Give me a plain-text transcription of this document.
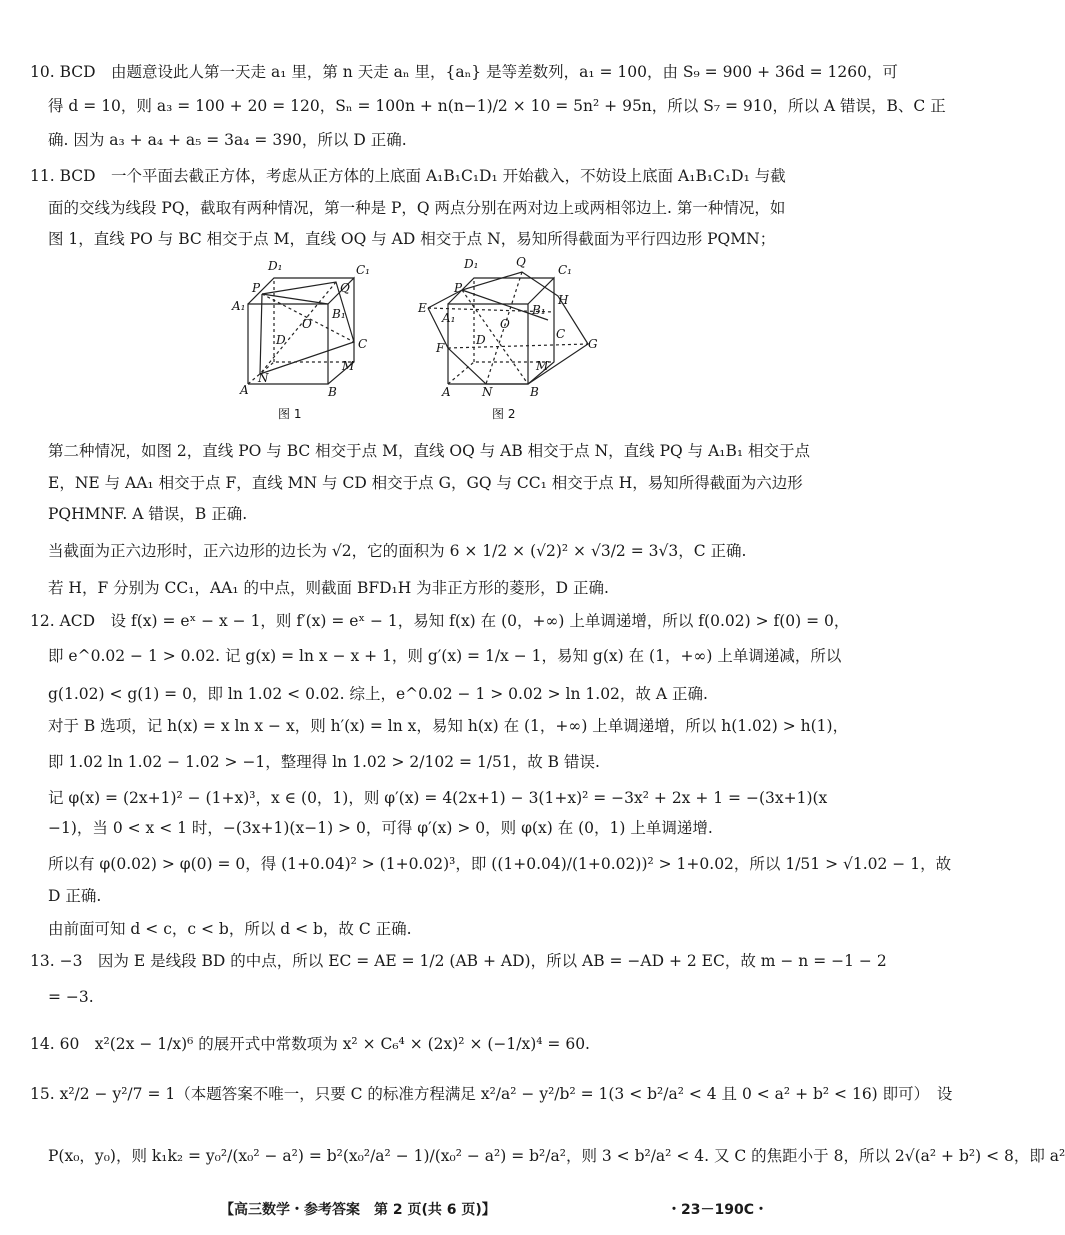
10. BCD　由题意设此人第一天走 a₁ 里，第 n 天走 aₙ 里，{aₙ} 是等差数列，a₁ = 100，由 S₉ = 900 + 36d = 1260，可
得 d = 10，则 a₃ = 100 + 20 = 120，Sₙ = 100n + n(n−1)/2 × 10 = 5n² + 95n，所以 S₇ = 910，所以 A 错误，B、C 正
确. 因为 a₃ + a₄ + a₅ = 3a₄ = 390，所以 D 正确.
11. BCD　一个平面去截正方体，考虑从正方体的上底面 A₁B₁C₁D₁ 开始截入，不妨设上底面 A₁B₁C₁D₁ 与截
面的交线为线段 PQ，截取有两种情况，第一种是 P，Q 两点分别在两对边上或两相邻边上. 第一种情况，如
图 1，直线 PO 与 BC 相交于点 M，直线 OQ 与 AD 相交于点 N，易知所得截面为平行四边形 PQMN；
D₁	C₁
A₁
B₁
P	Q
O
D	C
A	B
N
M
图 1
D₁	Q
C₁
P
E
A₁
B₁
H
O
D	C
G
F
M
A	N	B
图 2
第二种情况，如图 2，直线 PO 与 BC 相交于点 M，直线 OQ 与 AB 相交于点 N，直线 PQ 与 A₁B₁ 相交于点
E，NE 与 AA₁ 相交于点 F，直线 MN 与 CD 相交于点 G，GQ 与 CC₁ 相交于点 H，易知所得截面为六边形
PQHMNF. A 错误，B 正确.
当截面为正六边形时，正六边形的边长为 √2，它的面积为 6 × 1/2 × (√2)² × √3/2 = 3√3，C 正确.
若 H，F 分别为 CC₁，AA₁ 的中点，则截面 BFD₁H 为非正方形的菱形，D 正确.
12. ACD　设 f(x) = eˣ − x − 1，则 f′(x) = eˣ − 1，易知 f(x) 在 (0，+∞) 上单调递增，所以 f(0.02) > f(0) = 0，
即 e^0.02 − 1 > 0.02. 记 g(x) = ln x − x + 1，则 g′(x) = 1/x − 1，易知 g(x) 在 (1，+∞) 上单调递减，所以
g(1.02) < g(1) = 0，即 ln 1.02 < 0.02. 综上，e^0.02 − 1 > 0.02 > ln 1.02，故 A 正确.
对于 B 选项，记 h(x) = x ln x − x，则 h′(x) = ln x，易知 h(x) 在 (1，+∞) 上单调递增，所以 h(1.02) > h(1)，
即 1.02 ln 1.02 − 1.02 > −1，整理得 ln 1.02 > 2/102 = 1/51，故 B 错误.
记 φ(x) = (2x+1)² − (1+x)³，x ∈ (0，1)，则 φ′(x) = 4(2x+1) − 3(1+x)² = −3x² + 2x + 1 = −(3x+1)(x
−1)，当 0 < x < 1 时，−(3x+1)(x−1) > 0，可得 φ′(x) > 0，则 φ(x) 在 (0，1) 上单调递增.
所以有 φ(0.02) > φ(0) = 0，得 (1+0.04)² > (1+0.02)³，即 ((1+0.04)/(1+0.02))² > 1+0.02，所以 1/51 > √1.02 − 1，故
D 正确.
由前面可知 d < c，c < b，所以 d < b，故 C 正确.
13. −3　因为 E 是线段 BD 的中点，所以 EC = AE = 1/2 (AB + AD)，所以 AB = −AD + 2 EC，故 m − n = −1 − 2
= −3.
14. 60　x²(2x − 1/x)⁶ 的展开式中常数项为 x² × C₆⁴ × (2x)² × (−1/x)⁴ = 60.
15. x²/2 − y²/7 = 1（本题答案不唯一，只要 C 的标准方程满足 x²/a² − y²/b² = 1(3 < b²/a² < 4 且 0 < a² + b² < 16) 即可）　设
P(x₀，y₀)，则 k₁k₂ = y₀²/(x₀² − a²) = b²(x₀²/a² − 1)/(x₀² − a²) = b²/a²，则 3 < b²/a² < 4. 又 C 的焦距小于 8，所以 2√(a² + b²) < 8，即 a²
【高三数学・参考答案　第 2 页(共 6 页)】	・23－190C・
